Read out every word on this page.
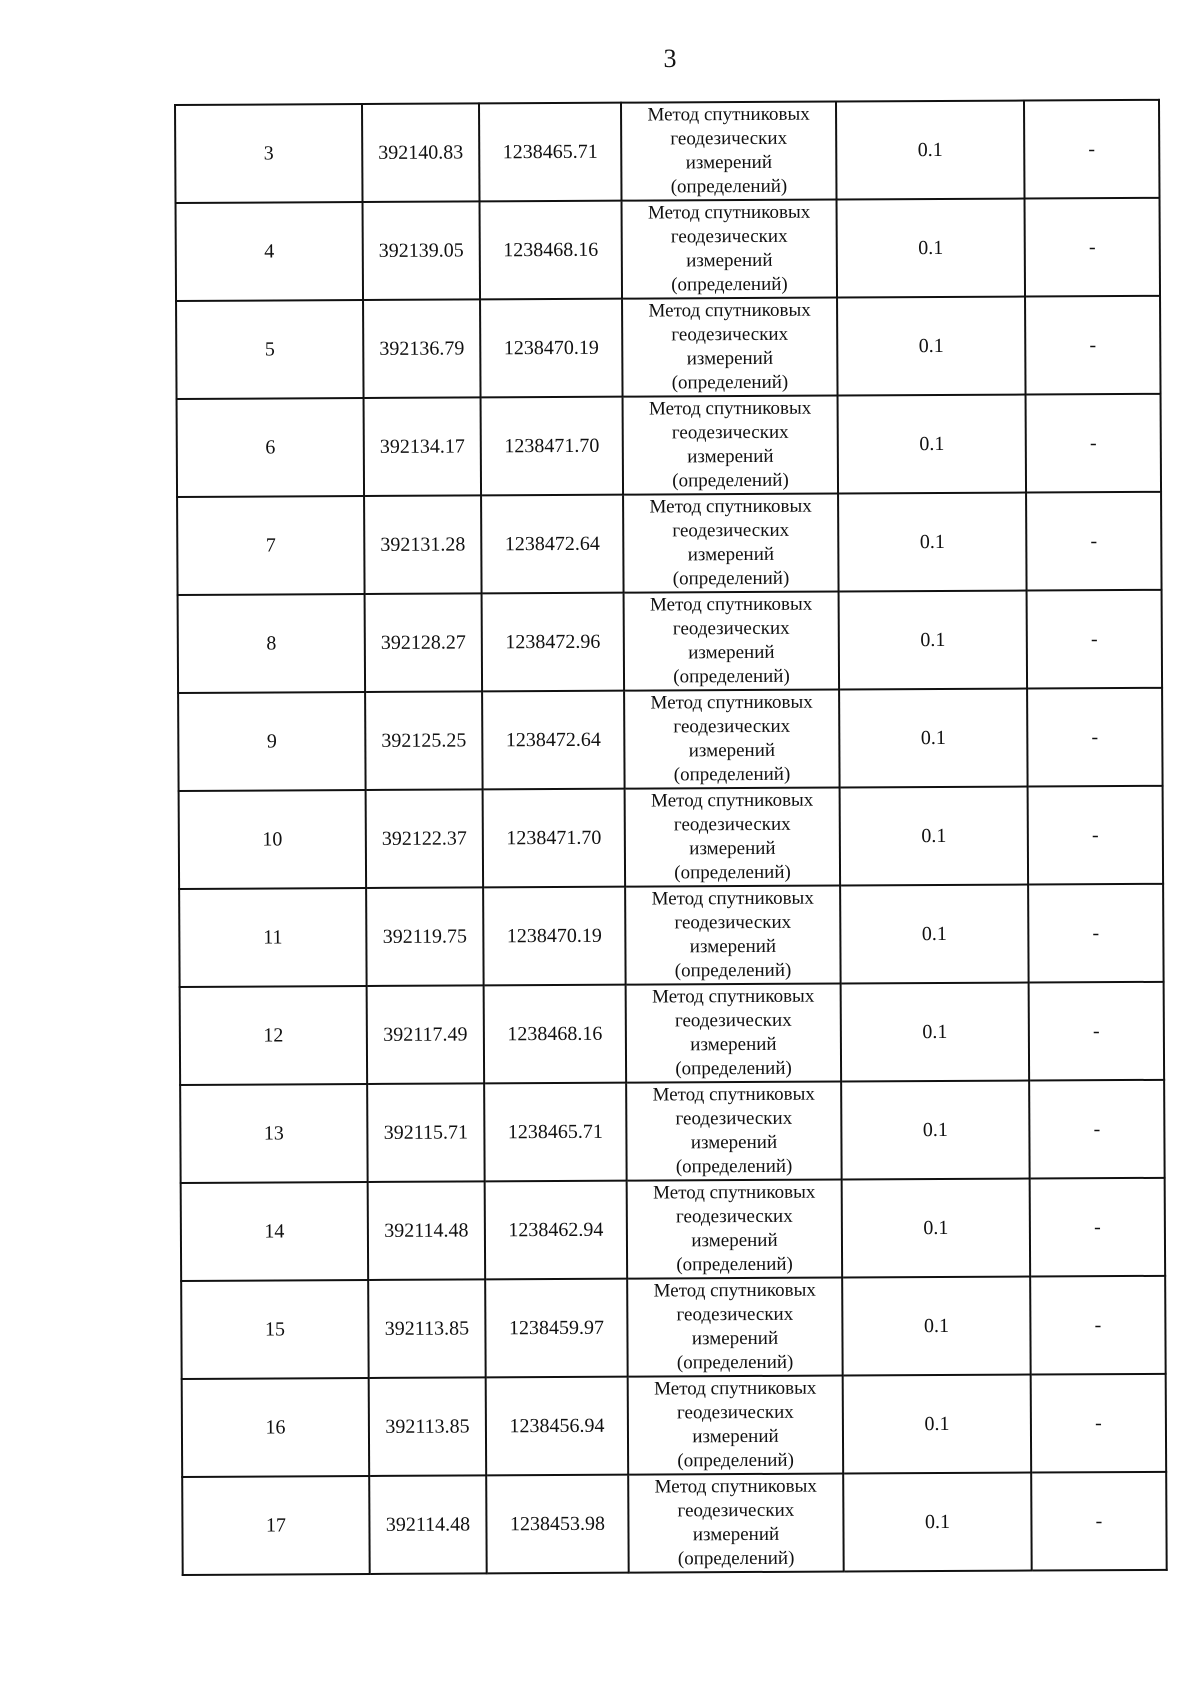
3
3	392140.83	1238465.71	Метод спутниковых
геодезических
измерений
(определений)	0.1	-
4	392139.05	1238468.16	Метод спутниковых
геодезических
измерений
(определений)	0.1	-
5	392136.79	1238470.19	Метод спутниковых
геодезических
измерений
(определений)	0.1	-
6	392134.17	1238471.70	Метод спутниковых
геодезических
измерений
(определений)	0.1	-
7	392131.28	1238472.64	Метод спутниковых
геодезических
измерений
(определений)	0.1	-
8	392128.27	1238472.96	Метод спутниковых
геодезических
измерений
(определений)	0.1	-
9	392125.25	1238472.64	Метод спутниковых
геодезических
измерений
(определений)	0.1	-
10	392122.37	1238471.70	Метод спутниковых
геодезических
измерений
(определений)	0.1	-
11	392119.75	1238470.19	Метод спутниковых
геодезических
измерений
(определений)	0.1	-
12	392117.49	1238468.16	Метод спутниковых
геодезических
измерений
(определений)	0.1	-
13	392115.71	1238465.71	Метод спутниковых
геодезических
измерений
(определений)	0.1	-
14	392114.48	1238462.94	Метод спутниковых
геодезических
измерений
(определений)	0.1	-
15	392113.85	1238459.97	Метод спутниковых
геодезических
измерений
(определений)	0.1	-
16	392113.85	1238456.94	Метод спутниковых
геодезических
измерений
(определений)	0.1	-
17	392114.48	1238453.98	Метод спутниковых
геодезических
измерений
(определений)	0.1	-
